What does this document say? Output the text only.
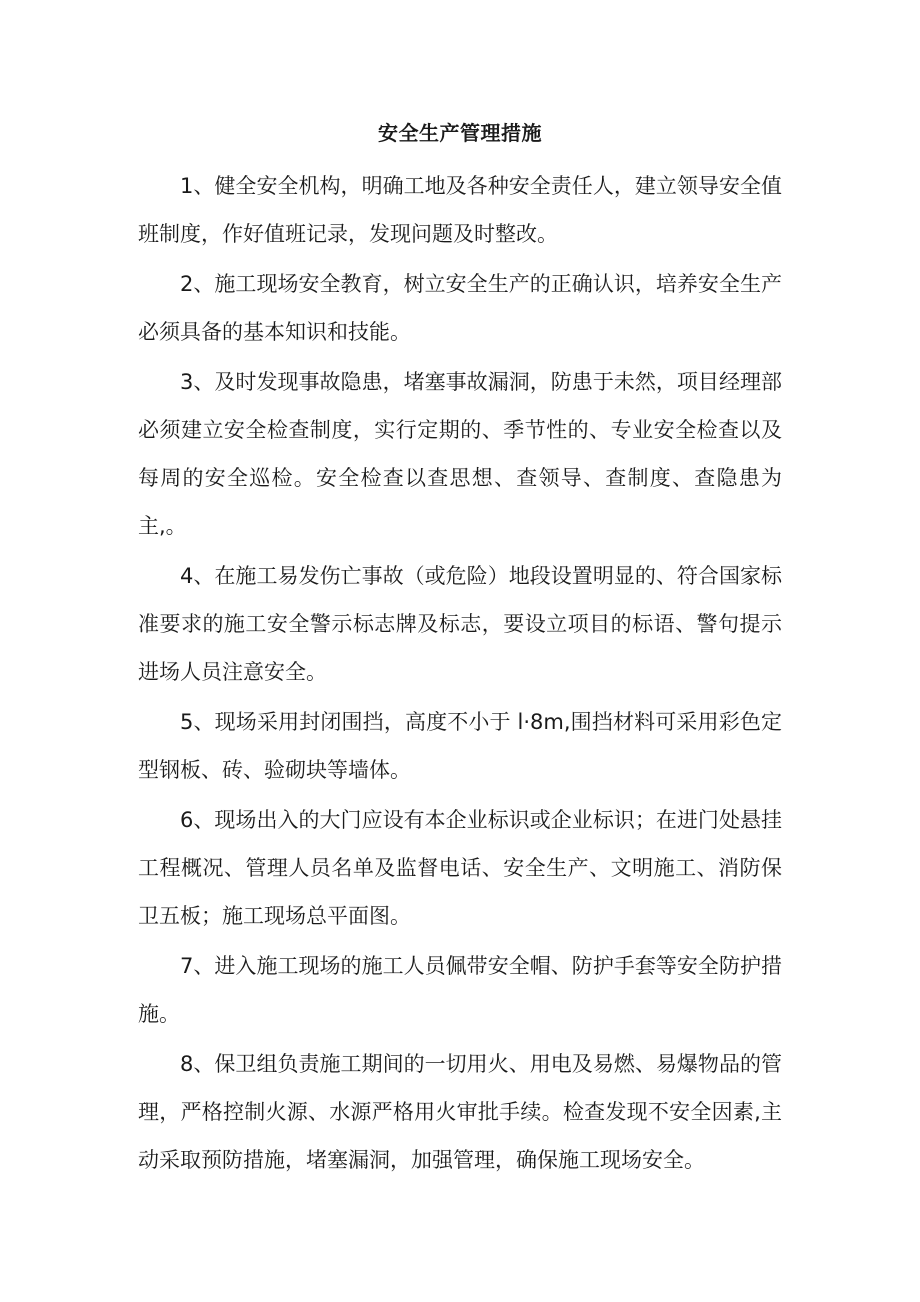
安全生产管理措施

1、健全安全机构，明确工地及各种安全责任人，建立领导安全值班制度，作好值班记录，发现问题及时整改。

2、施工现场安全教育，树立安全生产的正确认识，培养安全生产必须具备的基本知识和技能。

3、及时发现事故隐患，堵塞事故漏洞，防患于未然，项目经理部必须建立安全检查制度，实行定期的、季节性的、专业安全检查以及每周的安全巡检。安全检查以查思想、查领导、查制度、查隐患为主,。

4、在施工易发伤亡事故（或危险）地段设置明显的、符合国家标准要求的施工安全警示标志牌及标志，要设立项目的标语、警句提示进场人员注意安全。

5、现场采用封闭围挡，高度不小于 l·8m,围挡材料可采用彩色定型钢板、砖、验砌块等墙体。

6、现场出入的大门应设有本企业标识或企业标识；在进门处悬挂工程概况、管理人员名单及监督电话、安全生产、文明施工、消防保卫五板；施工现场总平面图。

7、进入施工现场的施工人员佩带安全帽、防护手套等安全防护措施。

8、保卫组负责施工期间的一切用火、用电及易燃、易爆物品的管理，严格控制火源、水源严格用火审批手续。检查发现不安全因素,主动采取预防措施，堵塞漏洞，加强管理，确保施工现场安全。
